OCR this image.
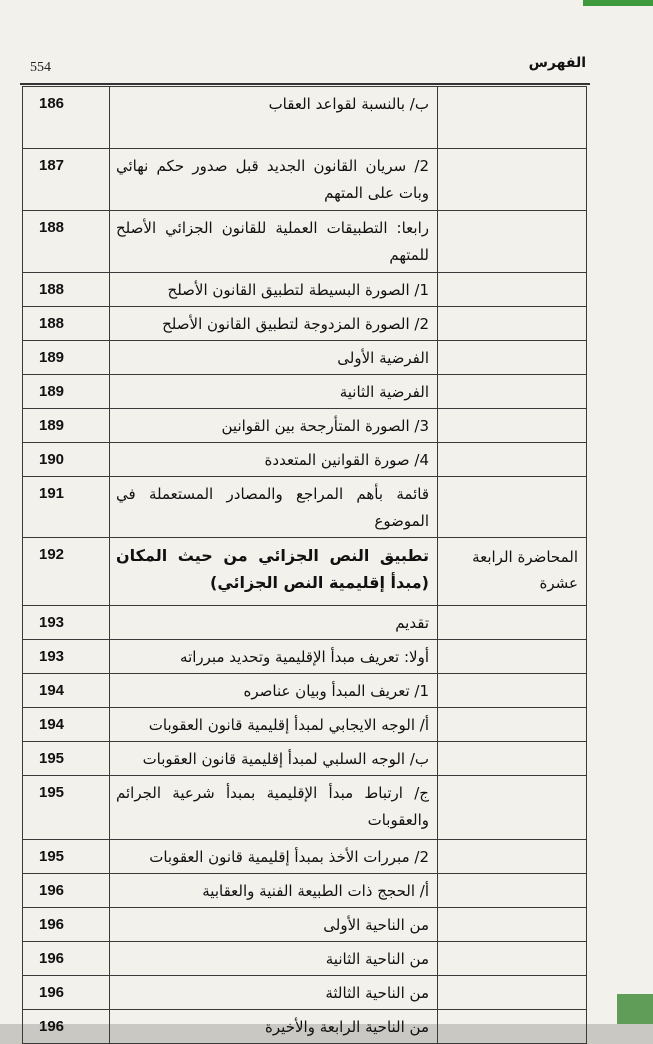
554	الفهرس
	ب/ بالنسبة لقواعد العقاب	186
	2/ سريان القانون الجديد قبل صدور حكم نهائي وبات على المتهم	187
	رابعا: التطبيقات العملية للقانون الجزائي الأصلح للمتهم	188
	1/ الصورة البسيطة لتطبيق القانون الأصلح	188
	2/ الصورة المزدوجة لتطبيق القانون الأصلح	188
	الفرضية الأولى	189
	الفرضية الثانية	189
	3/ الصورة المتأرجحة بين القوانين	189
	4/ صورة القوانين المتعددة	190
	قائمة بأهم المراجع والمصادر المستعملة في الموضوع	191
المحاضرة الرابعة عشرة	تطبيق النص الجزائي من حيث المكان (مبدأ إقليمية النص الجزائي)	192
	تقديم	193
	أولا: تعريف مبدأ الإقليمية وتحديد مبرراته	193
	1/ تعريف المبدأ وبيان عناصره	194
	أ/ الوجه الايجابي لمبدأ إقليمية قانون العقوبات	194
	ب/ الوجه السلبي لمبدأ إقليمية قانون العقوبات	195
	ج/ ارتباط مبدأ الإقليمية بمبدأ شرعية الجرائم والعقوبات	195
	2/ مبررات الأخذ بمبدأ إقليمية قانون العقوبات	195
	أ/ الحجج ذات الطبيعة الفنية والعقابية	196
	من الناحية الأولى	196
	من الناحية الثانية	196
	من الناحية الثالثة	196
	من الناحية الرابعة والأخيرة	196
